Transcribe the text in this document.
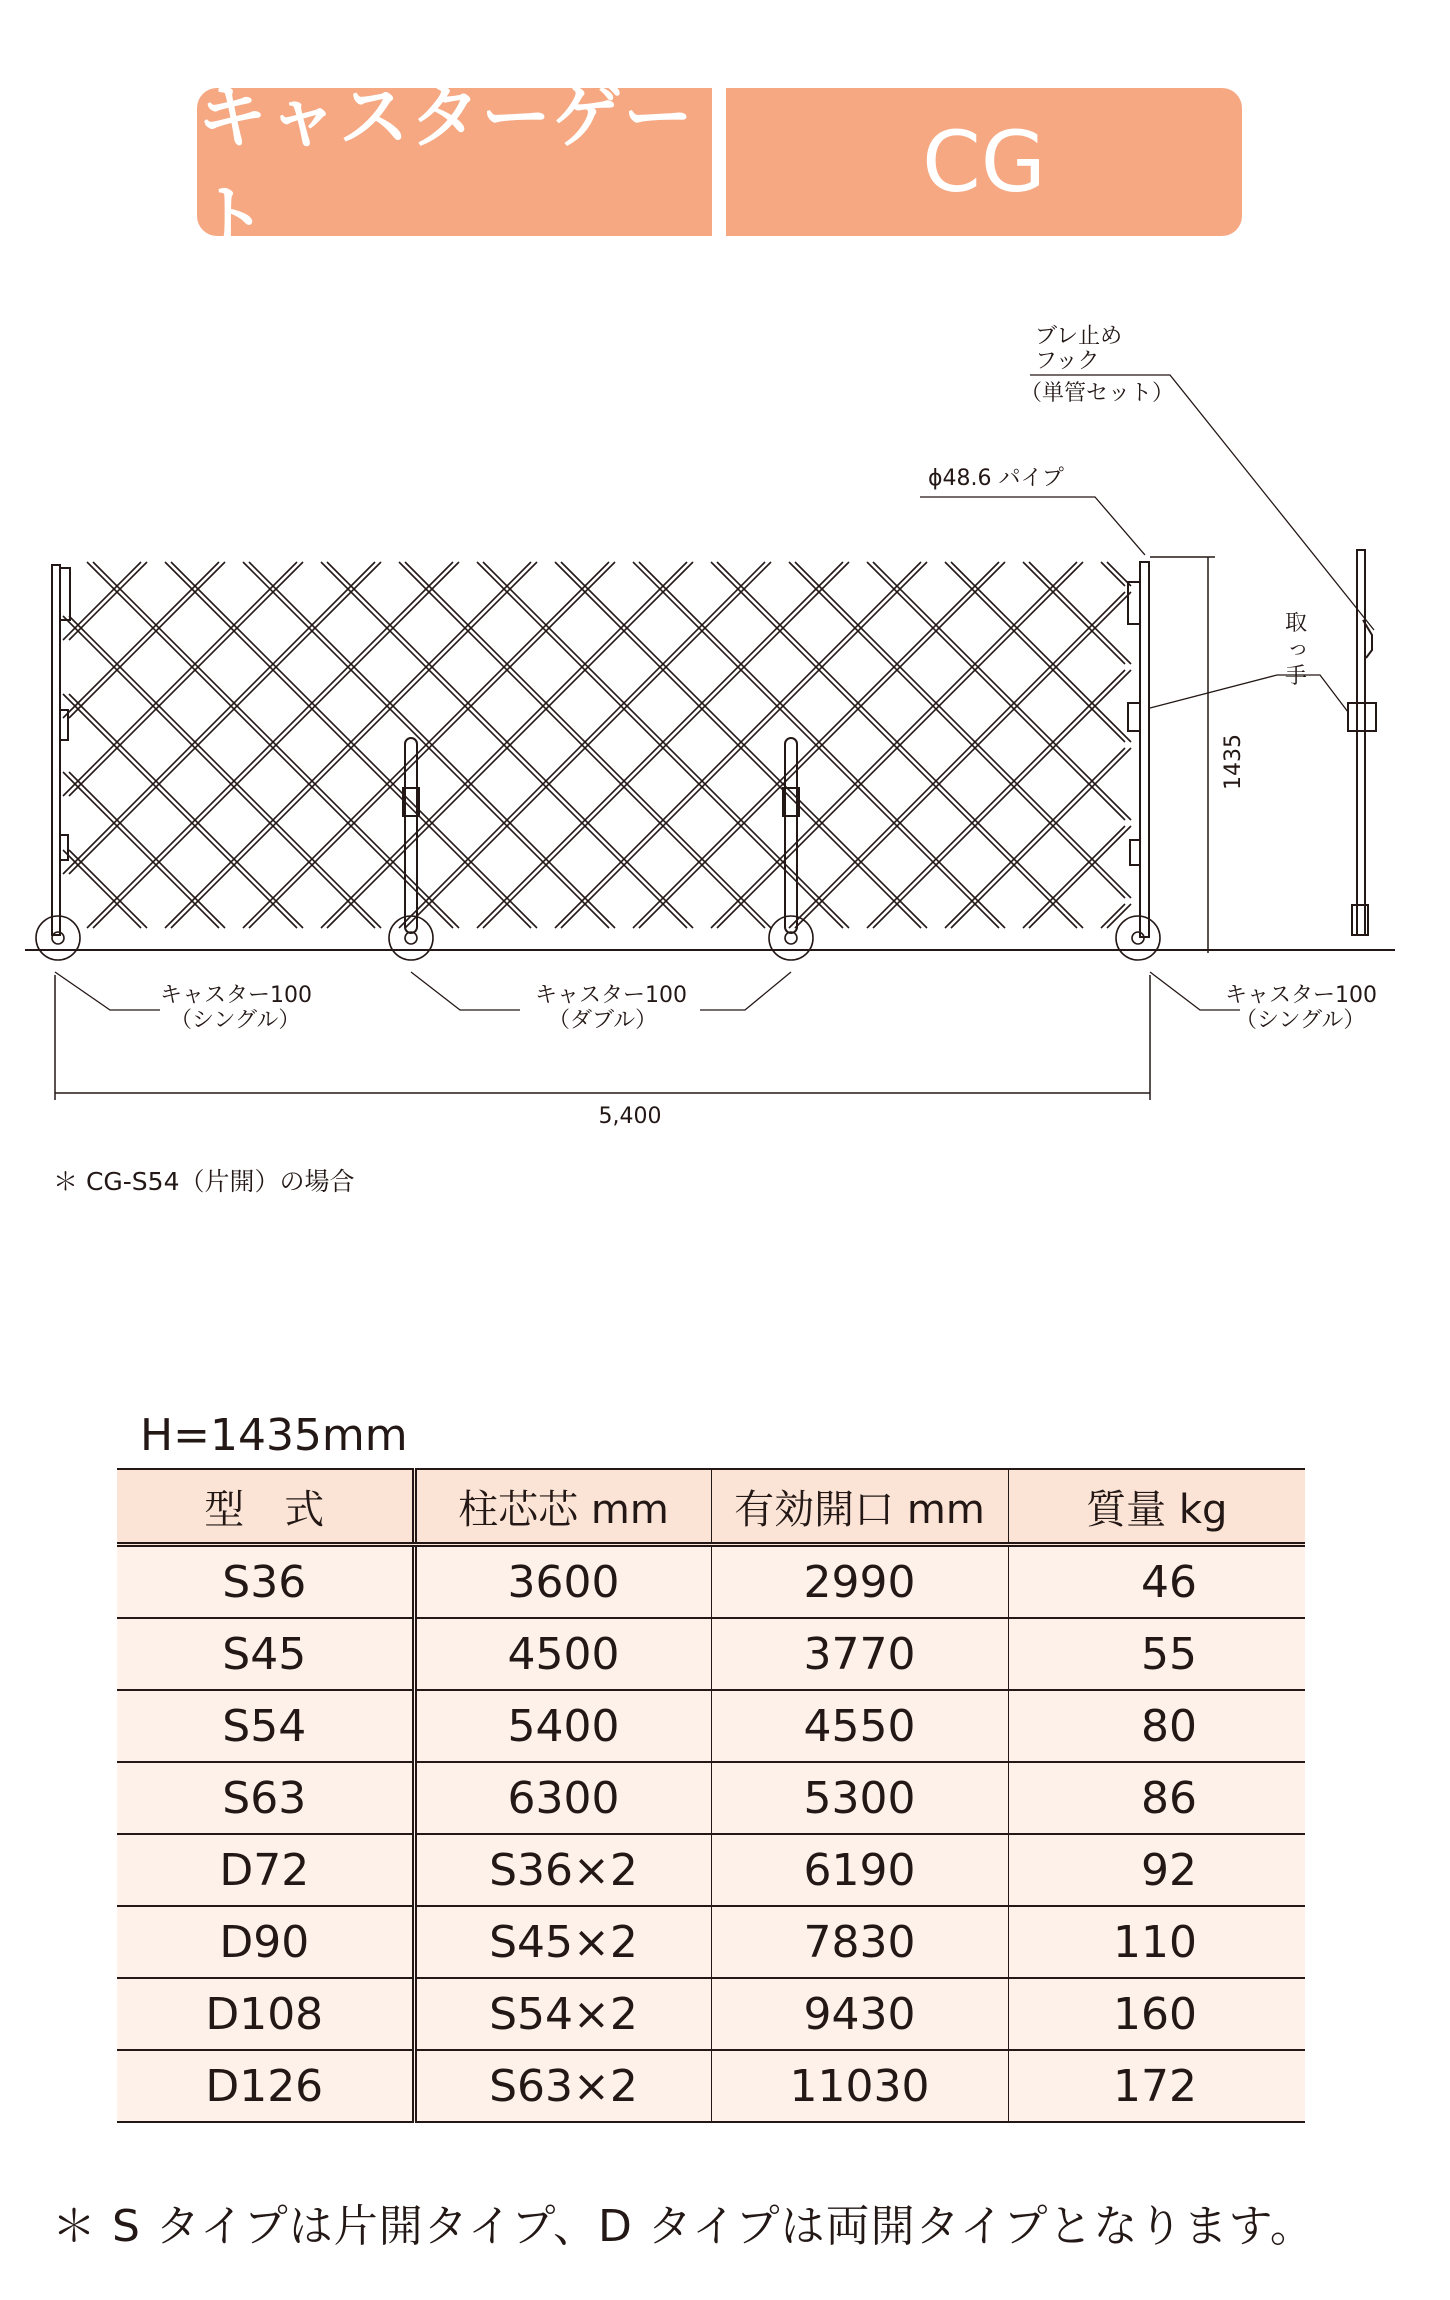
キャスターゲート
CG
1435
5,400
ブレ止め
フック
（単管セット）
ϕ48.6 パイプ
取
っ
手
キャスター100
（シングル）
キャスター100
（ダブル）
キャスター100
（シングル）
＊ CG-S54（片開）の場合
H=1435mm
型　式	柱芯芯 mm	有効開口 mm	質量 kg
S36	3600	2990	46
S45	4500	3770	55
S54	5400	4550	80
S63	6300	5300	86
D72	S36×2	6190	92
D90	S45×2	7830	110
D108	S54×2	9430	160
D126	S63×2	11030	172
＊ S タイプは片開タイプ、D タイプは両開タイプとなります。
